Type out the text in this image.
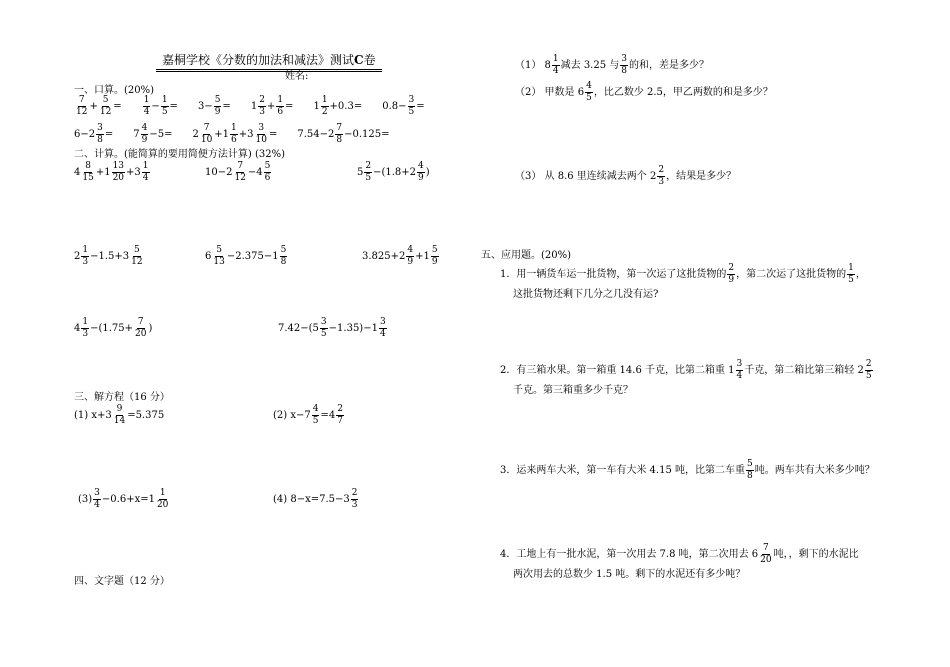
嘉桐学校《分数的加法和减法》测试C卷
姓名:
一、口算。(20%)
$\frac{7}{12} + \frac{5}{12} = \frac{1}{4} - \frac{1}{5} = 3- \frac{5}{9} = 1 \frac{2}{3} + \frac{1}{6} = 1 \frac{1}{2} +0.3= 0.8- \frac{3}{5}$ =
$6-2 \frac{3}{8} = 7 \frac{4}{9} -5= 2 \frac{7}{10} +1 \frac{1}{6} +3 \frac{3}{10} = 7.54-2 \frac{7}{8} -0.125=$
二、计算。(能简算的要用简便方法计算) (32%)
$4 \frac{8}{15} +1 \frac{13}{20} +3 \frac{1}{4}$	$10-2 \frac{7}{12} -4 \frac{5}{6}$	$5 \frac{2}{5} -(1.8+2 \frac{4}{9}$ )
$2 \frac{1}{3} -1.5+3 \frac{5}{12}$	$6 \frac{5}{13} -2.375-1 \frac{5}{8}$	$3.825+2 \frac{4}{9} +1 \frac{5}{9}$
$4 \frac{1}{3} -(1.75+ \frac{7}{20}$ )	$7.42-(5 \frac{3}{5} -1.35)-1 \frac{3}{4}$
三、解方程（16 分）
(1) $x+3 \frac{9}{14} =5.375$	(2) $x-7 \frac{4}{5} =4 \frac{2}{7}$
$(3) \frac{3}{4} -0.6+x=1 \frac{1}{20}$	(4) $8-x=7.5-3 \frac{2}{3}$
四、文字题（12 分）
（1） $8 \frac{1}{4}$ 减去 3.25 与 $\frac{3}{8}$ 的和，差是多少？
（2） 甲数是 $6 \frac{4}{5}$ ，比乙数少 2.5，甲乙两数的和是多少？
（3） 从 8.6 里连续减去两个 $2 \frac{2}{3}$ ，结果是多少？
五、应用题。(20%)
1．用一辆货车运一批货物，第一次运了这批货物的 $\frac{2}{9}$ ，第二次运了这批货物的 $\frac{1}{5}$ ，
这批货物还剩下几分之几没有运?
2．有三箱水果。第一箱重 14.6 千克，比第二箱重 $1 \frac{3}{4}$ 千克，第二箱比第三箱轻 $2 \frac{2}{5}$
千克。第三箱重多少千克？
3．运来两车大米，第一车有大米 4.15 吨，比第二车重 $\frac{5}{8}$ 吨。两车共有大米多少吨？
4．工地上有一批水泥，第一次用去 7.8 吨，第二次用去 $6 \frac{7}{20}$ 吨，，剩下的水泥比
两次用去的总数少 1.5 吨。剩下的水泥还有多少吨？
